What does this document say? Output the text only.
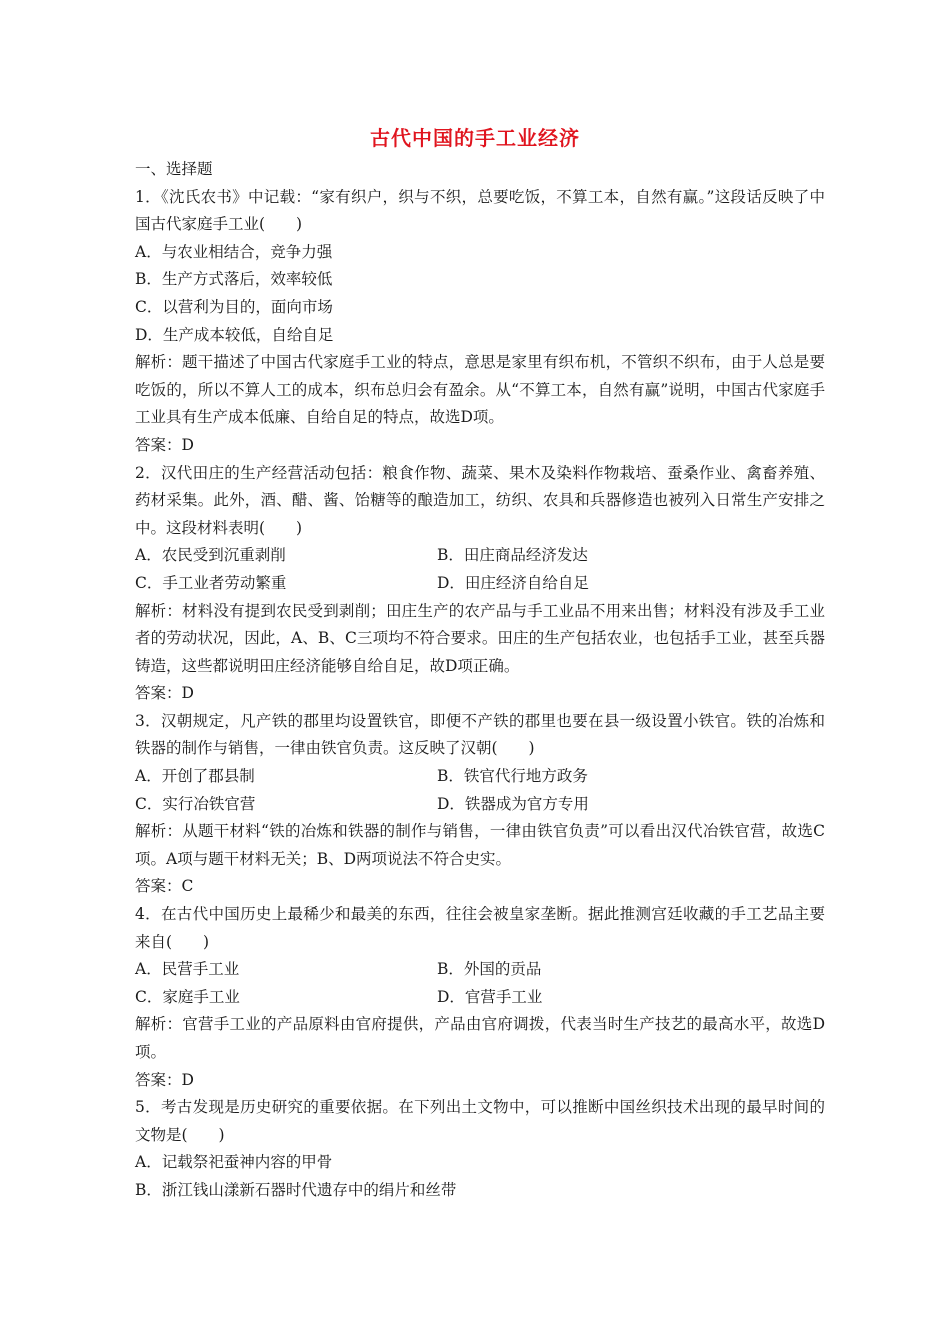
古代中国的手工业经济
一、选择题
1．《沈氏农书》中记载：“家有织户，织与不织，总要吃饭，不算工本，自然有赢。”这段话反映了中国古代家庭手工业(　　)
A．与农业相结合，竞争力强
B．生产方式落后，效率较低
C．以营利为目的，面向市场
D．生产成本较低，自给自足
解析：题干描述了中国古代家庭手工业的特点，意思是家里有织布机，不管织不织布，由于人总是要吃饭的，所以不算人工的成本，织布总归会有盈余。从“不算工本，自然有赢”说明，中国古代家庭手工业具有生产成本低廉、自给自足的特点，故选D项。
答案：D
2．汉代田庄的生产经营活动包括：粮食作物、蔬菜、果木及染料作物栽培、蚕桑作业、禽畜养殖、药材采集。此外，酒、醋、酱、饴糖等的酿造加工，纺织、农具和兵器修造也被列入日常生产安排之中。这段材料表明(　　)
A．农民受到沉重剥削	B．田庄商品经济发达
C．手工业者劳动繁重	D．田庄经济自给自足
解析：材料没有提到农民受到剥削；田庄生产的农产品与手工业品不用来出售；材料没有涉及手工业者的劳动状况，因此，A、B、C三项均不符合要求。田庄的生产包括农业，也包括手工业，甚至兵器铸造，这些都说明田庄经济能够自给自足，故D项正确。
答案：D
3．汉朝规定，凡产铁的郡里均设置铁官，即便不产铁的郡里也要在县一级设置小铁官。铁的冶炼和铁器的制作与销售，一律由铁官负责。这反映了汉朝(　　)
A．开创了郡县制	B．铁官代行地方政务
C．实行冶铁官营	D．铁器成为官方专用
解析：从题干材料“铁的冶炼和铁器的制作与销售，一律由铁官负责”可以看出汉代冶铁官营，故选C项。A项与题干材料无关；B、D两项说法不符合史实。
答案：C
4．在古代中国历史上最稀少和最美的东西，往往会被皇家垄断。据此推测宫廷收藏的手工艺品主要来自(　　)
A．民营手工业	B．外国的贡品
C．家庭手工业	D．官营手工业
解析：官营手工业的产品原料由官府提供，产品由官府调拨，代表当时生产技艺的最高水平，故选D项。
答案：D
5．考古发现是历史研究的重要依据。在下列出土文物中，可以推断中国丝织技术出现的最早时间的文物是(　　)
A．记载祭祀蚕神内容的甲骨
B．浙江钱山漾新石器时代遗存中的绢片和丝带
